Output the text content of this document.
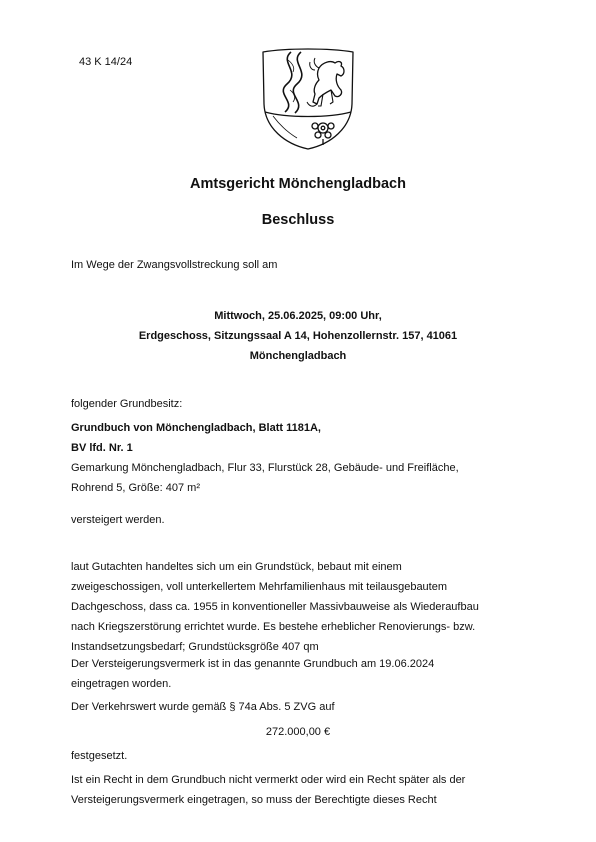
43 K 14/24
Amtsgericht Mönchengladbach
Beschluss
Im Wege der Zwangsvollstreckung soll am
Mittwoch, 25.06.2025, 09:00 Uhr,
Erdgeschoss, Sitzungssaal A 14, Hohenzollernstr. 157, 41061
Mönchengladbach
folgender Grundbesitz:
Grundbuch von Mönchengladbach, Blatt 1181A,
BV lfd. Nr. 1
Gemarkung Mönchengladbach, Flur 33, Flurstück 28, Gebäude- und Freifläche,
Rohrend 5, Größe: 407 m²
versteigert werden.
laut Gutachten handeltes sich um ein Grundstück, bebaut mit einem
zweigeschossigen, voll unterkellertem Mehrfamilienhaus mit teilausgebautem
Dachgeschoss, dass ca. 1955 in konventioneller Massivbauweise als Wiederaufbau
nach Kriegszerstörung errichtet wurde. Es bestehe erheblicher Renovierungs- bzw.
Instandsetzungsbedarf; Grundstücksgröße 407 qm
Der Versteigerungsvermerk ist in das genannte Grundbuch am 19.06.2024
eingetragen worden.
Der Verkehrswert wurde gemäß § 74a Abs. 5 ZVG auf
272.000,00 €
festgesetzt.
Ist ein Recht in dem Grundbuch nicht vermerkt oder wird ein Recht später als der
Versteigerungsvermerk eingetragen, so muss der Berechtigte dieses Recht
